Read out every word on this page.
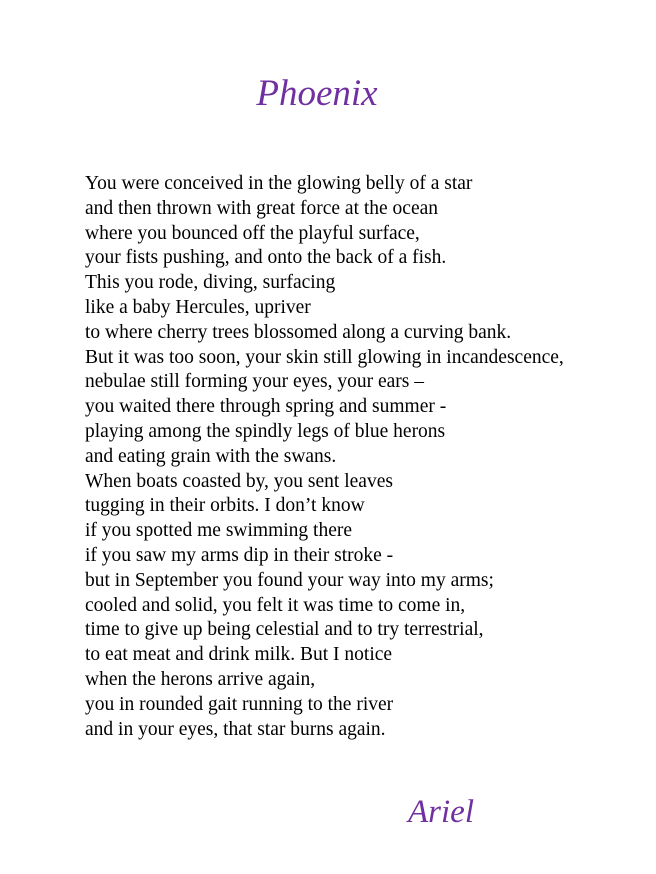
Phoenix
You were conceived in the glowing belly of a star
and then thrown with great force at the ocean
where you bounced off the playful surface,
your fists pushing, and onto the back of a fish.
This you rode, diving, surfacing
like a baby Hercules, upriver
to where cherry trees blossomed along a curving bank.
But it was too soon, your skin still glowing in incandescence,
nebulae still forming your eyes, your ears –
you waited there through spring and summer -
playing among the spindly legs of blue herons
and eating grain with the swans.
When boats coasted by, you sent leaves
tugging in their orbits. I don’t know
if you spotted me swimming there
if you saw my arms dip in their stroke -
but in September you found your way into my arms;
cooled and solid, you felt it was time to come in,
time to give up being celestial and to try terrestrial,
to eat meat and drink milk. But I notice
when the herons arrive again,
you in rounded gait running to the river
and in your eyes, that star burns again.
Ariel
